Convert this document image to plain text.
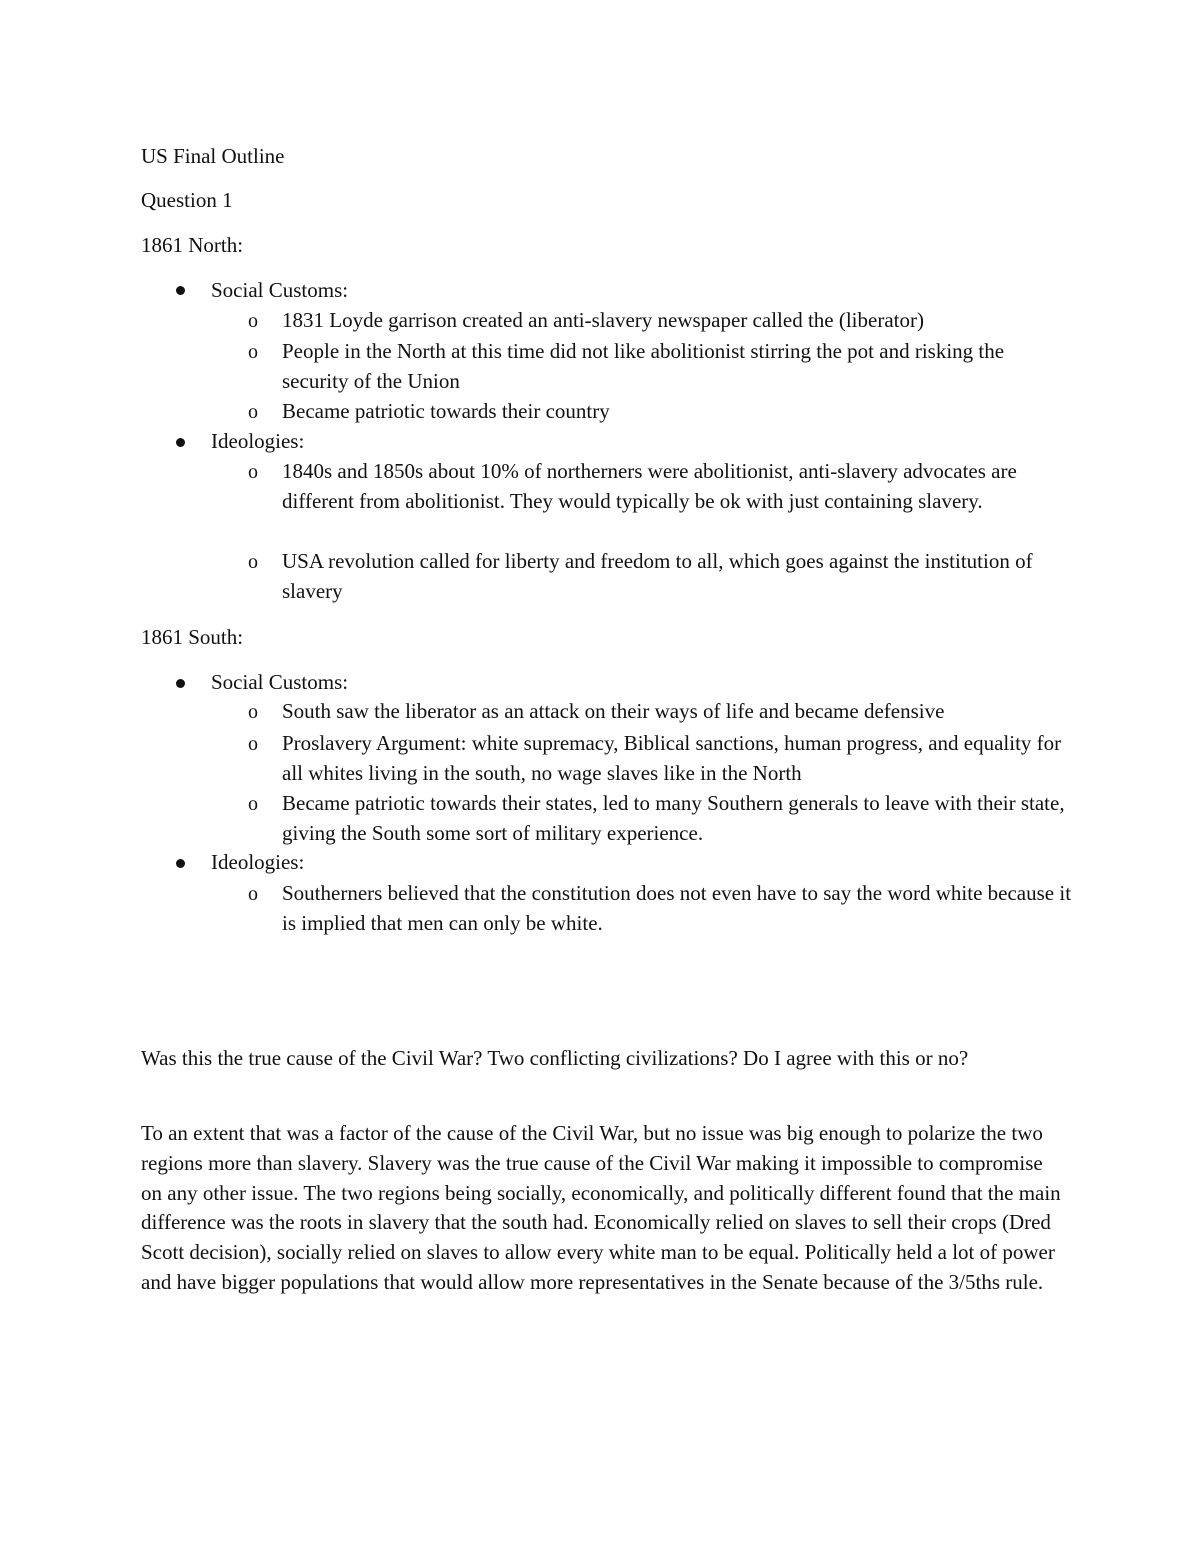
US Final Outline
Question 1
1861 North:
Social Customs:
o 1831 Loyde garrison created an anti-slavery newspaper called the (liberator)
o People in the North at this time did not like abolitionist stirring the pot and risking the security of the Union
o Became patriotic towards their country
Ideologies:
o 1840s and 1850s about 10% of northerners were abolitionist, anti-slavery advocates are different from abolitionist. They would typically be ok with just containing slavery.
o USA revolution called for liberty and freedom to all, which goes against the institution of slavery
1861 South:
Social Customs:
o South saw the liberator as an attack on their ways of life and became defensive
o Proslavery Argument: white supremacy, Biblical sanctions, human progress, and equality for all whites living in the south, no wage slaves like in the North
o Became patriotic towards their states, led to many Southern generals to leave with their state, giving the South some sort of military experience.
Ideologies:
o Southerners believed that the constitution does not even have to say the word white because it is implied that men can only be white.
Was this the true cause of the Civil War? Two conflicting civilizations? Do I agree with this or no?
To an extent that was a factor of the cause of the Civil War, but no issue was big enough to polarize the two regions more than slavery. Slavery was the true cause of the Civil War making it impossible to compromise on any other issue. The two regions being socially, economically, and politically different found that the main difference was the roots in slavery that the south had. Economically relied on slaves to sell their crops (Dred Scott decision), socially relied on slaves to allow every white man to be equal. Politically held a lot of power and have bigger populations that would allow more representatives in the Senate because of the 3/5ths rule.
